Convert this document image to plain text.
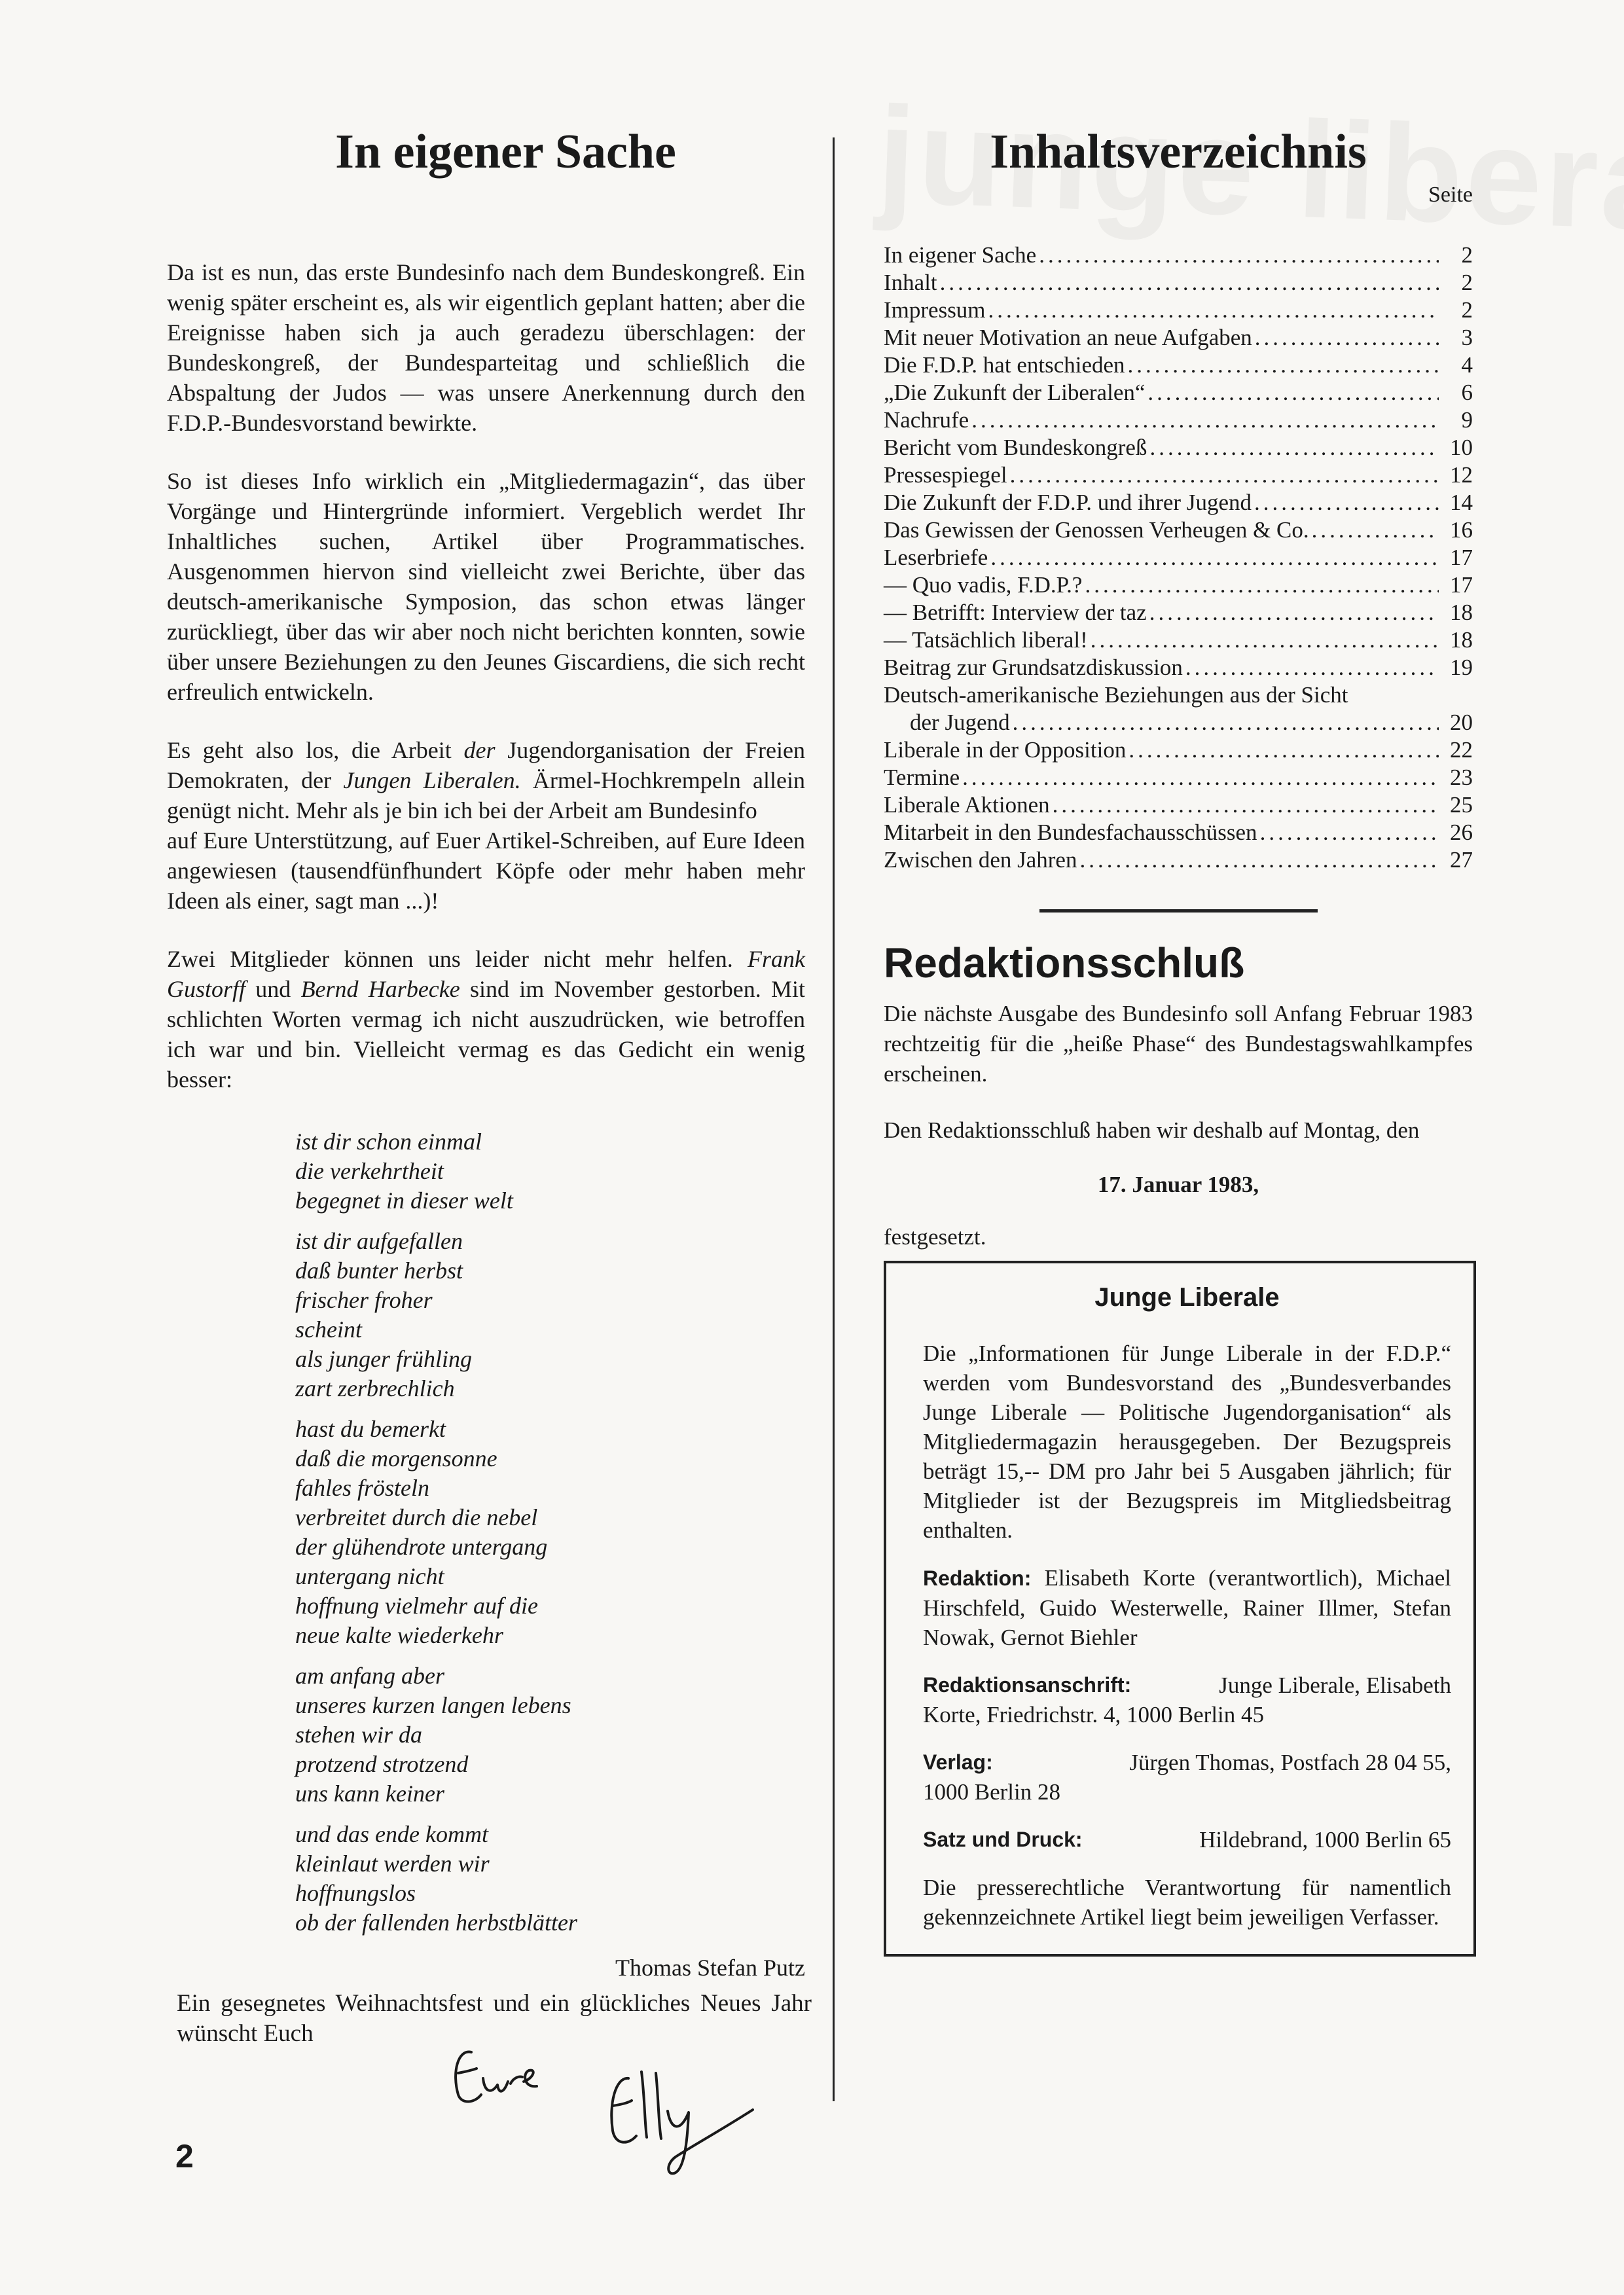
In eigener Sache

Da ist es nun, das erste Bundesinfo nach dem Bundeskongreß. Ein wenig später erscheint es, als wir eigentlich geplant hatten; aber die Ereignisse haben sich ja auch geradezu überschlagen: der Bundeskongreß, der Bundesparteitag und schließlich die Abspaltung der Judos — was unsere Anerkennung durch den F.D.P.-Bundesvorstand bewirkte.

So ist dieses Info wirklich ein „Mitgliedermagazin“, das über Vorgänge und Hintergründe informiert. Vergeblich werdet Ihr Inhaltliches suchen, Artikel über Programmatisches. Ausgenommen hiervon sind vielleicht zwei Berichte, über das deutsch-amerikanische Symposion, das schon etwas länger zurückliegt, über das wir aber noch nicht berichten konnten, sowie über unsere Beziehungen zu den Jeunes Giscardiens, die sich recht erfreulich entwickeln.

Es geht also los, die Arbeit der Jugendorganisation der Freien Demokraten, der Jungen Liberalen. Ärmel-Hochkrempeln allein genügt nicht. Mehr als je bin ich bei der Arbeit am Bundesinfo

auf Eure Unterstützung, auf Euer Artikel-Schreiben, auf Eure Ideen angewiesen (tausendfünfhundert Köpfe oder mehr haben mehr Ideen als einer, sagt man ...)!

Zwei Mitglieder können uns leider nicht mehr helfen. Frank Gustorff und Bernd Harbecke sind im November gestorben. Mit schlichten Worten vermag ich nicht auszudrücken, wie betroffen ich war und bin. Vielleicht vermag es das Gedicht ein wenig besser:

ist dir schon einmal
die verkehrtheit
begegnet in dieser welt
ist dir aufgefallen
daß bunter herbst
frischer froher
scheint
als junger frühling
zart zerbrechlich
hast du bemerkt
daß die morgensonne
fahles frösteln
verbreitet durch die nebel
der glühendrote untergang
untergang nicht
hoffnung vielmehr auf die
neue kalte wiederkehr
am anfang aber
unseres kurzen langen lebens
stehen wir da
protzend strotzend
uns kann keiner
und das ende kommt
kleinlaut werden wir
hoffnungslos
ob der fallenden herbstblätter
Thomas Stefan Putz
Ein gesegnetes Weihnachtsfest und ein glückliches Neues Jahr wünscht Euch
2
Inhaltsverzeichnis
Seite
In eigener Sache .....	2
Inhalt .....	2
Impressum .....	2
Mit neuer Motivation an neue Aufgaben .....	3
Die F.D.P. hat entschieden .....	4
„Die Zukunft der Liberalen“ .....	6
Nachrufe .....	9
Bericht vom Bundeskongreß .....	10
Pressespiegel .....	12
Die Zukunft der F.D.P. und ihrer Jugend .....	14
Das Gewissen der Genossen Verheugen & Co. .....	16
Leserbriefe .....	17
— Quo vadis, F.D.P.? .....	17
— Betrifft: Interview der taz .....	18
— Tatsächlich liberal! .....	18
Beitrag zur Grundsatzdiskussion .....	19
Deutsch-amerikanische Beziehungen aus der Sicht
der Jugend .....	20
Liberale in der Opposition .....	22
Termine .....	23
Liberale Aktionen .....	25
Mitarbeit in den Bundesfachausschüssen .....	26
Zwischen den Jahren .....	27
Redaktionsschluß

Die nächste Ausgabe des Bundesinfo soll Anfang Februar 1983 rechtzeitig für die „heiße Phase“ des Bundestagswahlkampfes erscheinen.

Den Redaktionsschluß haben wir deshalb auf Montag, den

17. Januar 1983,

festgesetzt.

Junge Liberale

Die „Informationen für Junge Liberale in der F.D.P.“ werden vom Bundesvorstand des „Bundesverbandes Junge Liberale — Politische Jugendorganisation“ als Mitgliedermagazin herausgegeben. Der Bezugspreis beträgt 15,-- DM pro Jahr bei 5 Ausgaben jährlich; für Mitglieder ist der Bezugspreis im Mitgliedsbeitrag enthalten.

Redaktion: Elisabeth Korte (verantwortlich), Michael Hirschfeld, Guido Westerwelle, Rainer Illmer, Stefan Nowak, Gernot Biehler

Redaktionsanschrift:	Junge Liberale, Elisabeth
Korte, Friedrichstr. 4, 1000 Berlin 45
Verlag:	Jürgen Thomas, Postfach 28 04 55,
1000 Berlin 28
Satz und Druck:	Hildebrand, 1000 Berlin 65

Die presserechtliche Verantwortung für namentlich gekennzeichnete Artikel liegt beim jeweiligen Verfasser.
